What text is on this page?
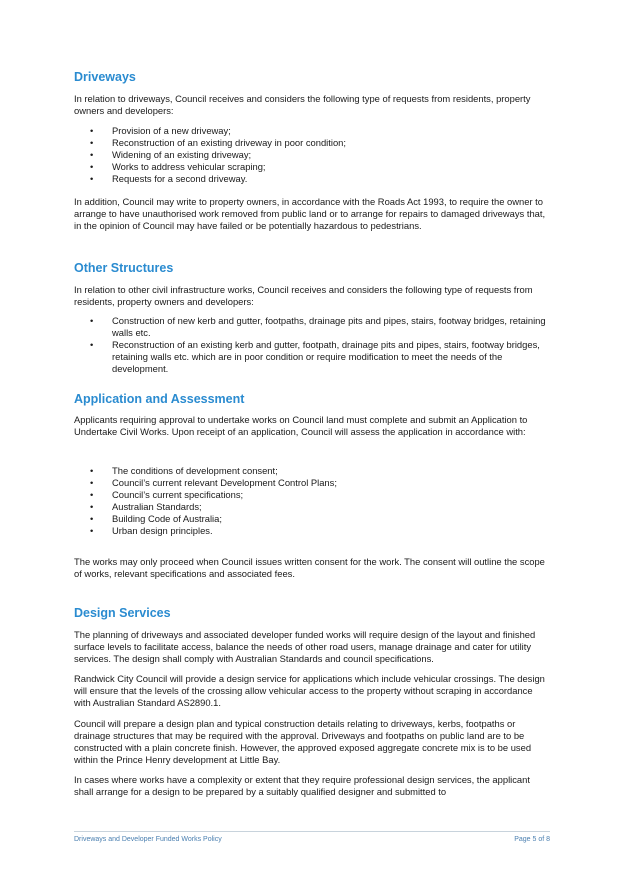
Driveways

In relation to driveways, Council receives and considers the following type of requests from residents, property owners and developers:

• Provision of a new driveway;
• Reconstruction of an existing driveway in poor condition;
• Widening of an existing driveway;
• Works to address vehicular scraping;
• Requests for a second driveway.

In addition, Council may write to property owners, in accordance with the Roads Act 1993, to require the owner to arrange to have unauthorised work removed from public land or to arrange for repairs to damaged driveways that, in the opinion of Council may have failed or be potentially hazardous to pedestrians.

Other Structures

In relation to other civil infrastructure works, Council receives and considers the following type of requests from residents, property owners and developers:

• Construction of new kerb and gutter, footpaths, drainage pits and pipes, stairs, footway bridges, retaining walls etc.
• Reconstruction of an existing kerb and gutter, footpath, drainage pits and pipes, stairs, footway bridges, retaining walls etc. which are in poor condition or require modification to meet the needs of the development.
Application and Assessment

Applicants requiring approval to undertake works on Council land must complete and submit an Application to Undertake Civil Works. Upon receipt of an application, Council will assess the application in accordance with:

• The conditions of development consent;
• Council’s current relevant Development Control Plans;
• Council’s current specifications;
• Australian Standards;
• Building Code of Australia;
• Urban design principles.

The works may only proceed when Council issues written consent for the work. The consent will outline the scope of works, relevant specifications and associated fees.

Design Services

The planning of driveways and associated developer funded works will require design of the layout and finished surface levels to facilitate access, balance the needs of other road users, manage drainage and cater for utility services. The design shall comply with Australian Standards and council specifications.

Randwick City Council will provide a design service for applications which include vehicular crossings. The design will ensure that the levels of the crossing allow vehicular access to the property without scraping in accordance with Australian Standard AS2890.1.

Council will prepare a design plan and typical construction details relating to driveways, kerbs, footpaths or drainage structures that may be required with the approval. Driveways and footpaths on public land are to be constructed with a plain concrete finish. However, the approved exposed aggregate concrete mix is to be used within the Prince Henry development at Little Bay.

In cases where works have a complexity or extent that they require professional design services, the applicant shall arrange for a design to be prepared by a suitably qualified designer and submitted to

Driveways and Developer Funded Works Policy	Page 5 of 8
